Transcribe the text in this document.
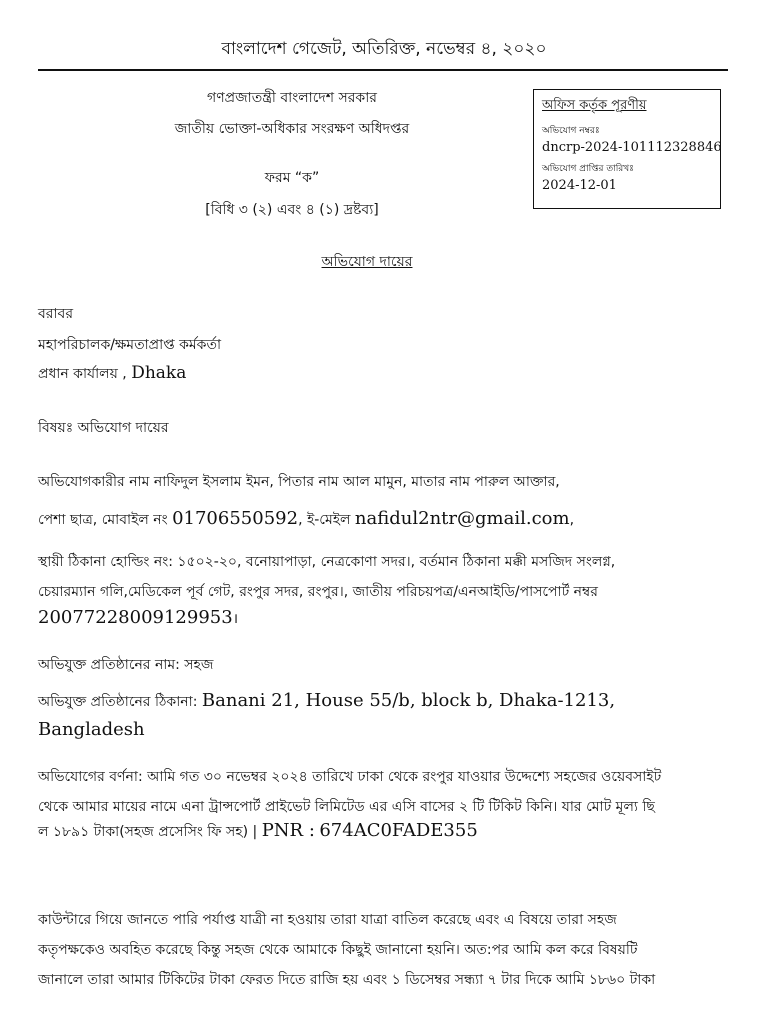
বাংলাদেশ গেজেট, অতিরিক্ত, নভেম্বর ৪, ২০২০
গণপ্রজাতন্ত্রী বাংলাদেশ সরকার
জাতীয় ভোক্তা-অধিকার সংরক্ষণ অধিদপ্তর
ফরম “ক”
[বিধি ৩ (২) এবং ৪ (১) দ্রষ্টব্য]
অভিযোগ দায়ের
অফিস কর্তৃক পূরণীয়
অভিযোগ নম্বরঃ
dncrp-2024-101112328846
অভিযোগ প্রাপ্তির তারিখঃ
2024-12-01
বরাবর
মহাপরিচালক/ক্ষমতাপ্রাপ্ত কর্মকর্তা
প্রধান কার্যালয় , Dhaka
বিষয়ঃ অভিযোগ দায়ের
অভিযোগকারীর নাম নাফিদুল ইসলাম ইমন, পিতার নাম আল মামুন, মাতার নাম পারুল আক্তার,
পেশা ছাত্র, মোবাইল নং 01706550592, ই-মেইল nafidul2ntr@gmail.com,
স্থায়ী ঠিকানা হোল্ডিং নং: ১৫০২-২০, বনোয়াপাড়া, নেত্রকোণা সদর।, বর্তমান ঠিকানা মক্কী মসজিদ সংলগ্ন,
চেয়ারম্যান গলি,মেডিকেল পূর্ব গেট, রংপুর সদর, রংপুর।, জাতীয় পরিচয়পত্র/এনআইডি/পাসপোর্ট নম্বর
20077228009129953।
অভিযুক্ত প্রতিষ্ঠানের নাম: সহজ
অভিযুক্ত প্রতিষ্ঠানের ঠিকানা: Banani 21, House 55/b, block b, Dhaka-1213,
Bangladesh
অভিযোগের বর্ণনা: আমি গত ৩০ নভেম্বর ২০২৪ তারিখে ঢাকা থেকে রংপুর যাওয়ার উদ্দেশ্যে সহজের ওয়েবসাইট
থেকে আমার মায়ের নামে এনা ট্রান্সপোর্ট প্রাইভেট লিমিটেড এর এসি বাসের ২ টি টিকিট কিনি। যার মোট মূল্য ছি
ল ১৮৯১ টাকা(সহজ প্রসেসিং ফি সহ) | PNR : 674AC0FADE355
কাউন্টারে গিয়ে জানতে পারি পর্যাপ্ত যাত্রী না হওয়ায় তারা যাত্রা বাতিল করেছে এবং এ বিষয়ে তারা সহজ
কতৃপক্ষকেও অবহিত করেছে কিন্তু সহজ থেকে আমাকে কিছুই জানানো হয়নি। অত:পর আমি কল করে বিষয়টি
জানালে তারা আমার টিকিটের টাকা ফেরত দিতে রাজি হয় এবং ১ ডিসেম্বর সন্ধ্যা ৭ টার দিকে আমি ১৮৬০ টাকা
